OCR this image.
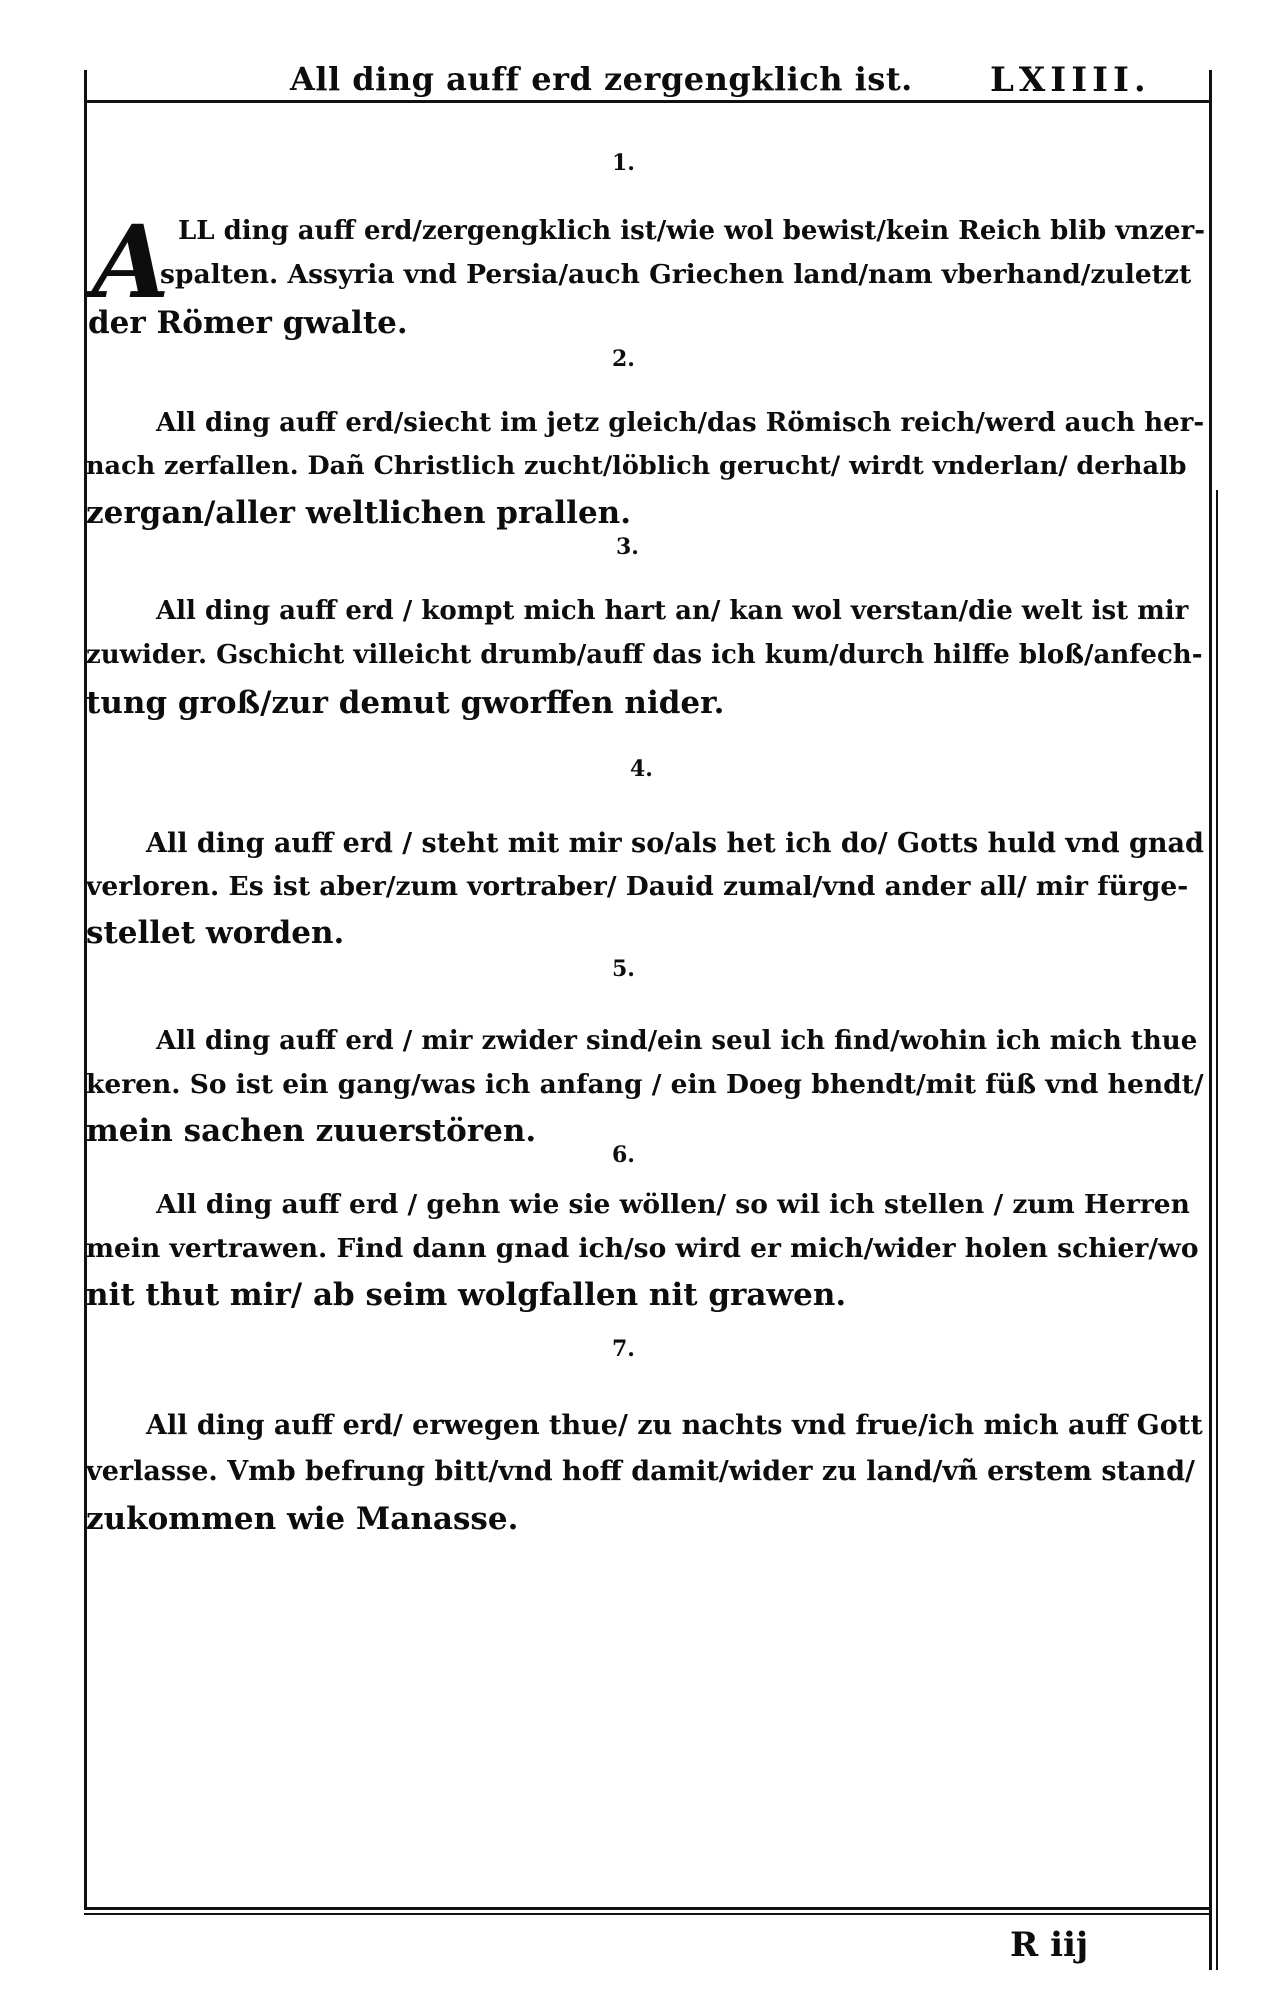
All ding auff erd zergengklich ist. LXIIII.
1.
A LL ding auff erd/zergengklich ist/wie wol bewist/kein Reich blib vnzer-
spalten. Assyria vnd Persia/auch Griechen land/nam vberhand/zuletzt
der Römer gwalte.
2.
All ding auff erd/siecht im jetz gleich/das Römisch reich/werd auch her-
nach zerfallen. Dañ Christlich zucht/löblich gerucht/ wirdt vnderlan/ derhalb
zergan/aller weltlichen prallen.
3.
All ding auff erd / kompt mich hart an/ kan wol verstan/die welt ist mir
zuwider. Gschicht villeicht drumb/auff das ich kum/durch hilffe bloß/anfech-
tung groß/zur demut gworffen nider.
4.
All ding auff erd / steht mit mir so/als het ich do/ Gotts huld vnd gnad
verloren. Es ist aber/zum vortraber/ Dauid zumal/vnd ander all/ mir fürge-
stellet worden.
5.
All ding auff erd / mir zwider sind/ein seul ich find/wohin ich mich thue
keren. So ist ein gang/was ich anfang / ein Doeg bhendt/mit füß vnd hendt/
mein sachen zuuerstören.
6.
All ding auff erd / gehn wie sie wöllen/ so wil ich stellen / zum Herren
mein vertrawen. Find dann gnad ich/so wird er mich/wider holen schier/wo
nit thut mir/ ab seim wolgfallen nit grawen.
7.
All ding auff erd/ erwegen thue/ zu nachts vnd frue/ich mich auff Gott
verlasse. Vmb befrung bitt/vnd hoff damit/wider zu land/vñ erstem stand/
zukommen wie Manasse.
R iij
